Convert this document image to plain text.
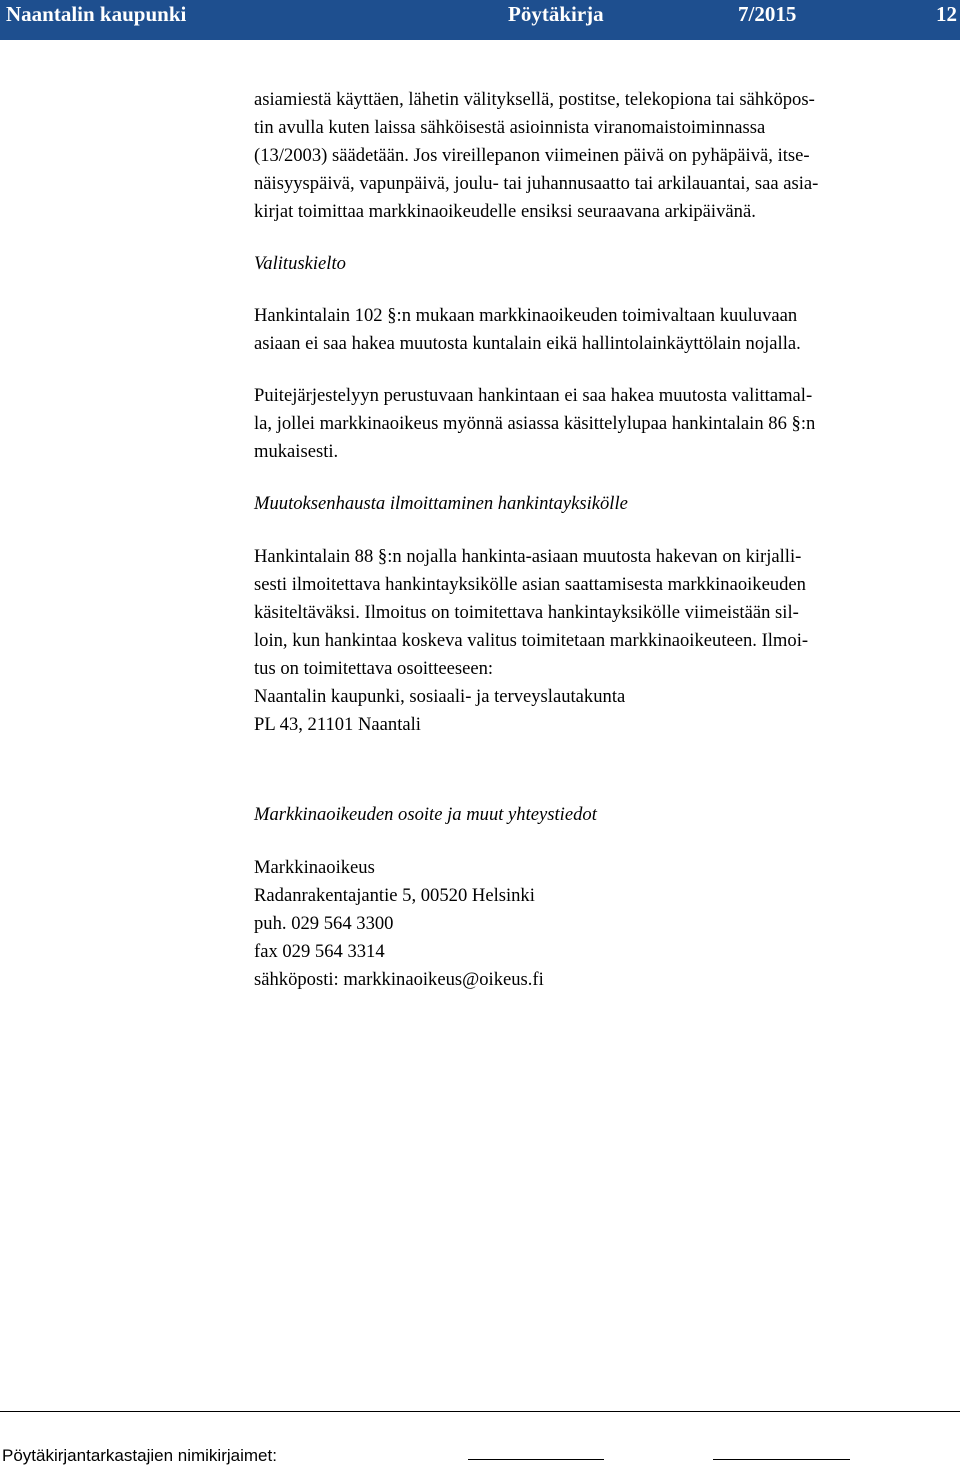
Naantalin kaupunki	Pöytäkirja	7/2015	12

asiamiestä käyttäen, lähetin välityksellä, postitse, telekopiona tai sähköpos-
tin avulla kuten laissa sähköisestä asioinnista viranomaistoiminnassa
(13/2003) säädetään. Jos vireillepanon viimeinen päivä on pyhäpäivä, itse-
näisyyspäivä, vapunpäivä, joulu- tai juhannusaatto tai arkilauantai, saa asia-
kirjat toimittaa markkinaoikeudelle ensiksi seuraavana arkipäivänä.

Valituskielto

Hankintalain 102 §:n mukaan markkinaoikeuden toimivaltaan kuuluvaan
asiaan ei saa hakea muutosta kuntalain eikä hallintolainkäyttölain nojalla.

Puitejärjestelyyn perustuvaan hankintaan ei saa hakea muutosta valittamal-
la, jollei markkinaoikeus myönnä asiassa käsittelylupaa hankintalain 86 §:n
mukaisesti.

Muutoksenhausta ilmoittaminen hankintayksikölle

Hankintalain 88 §:n nojalla hankinta-asiaan muutosta hakevan on kirjalli-
sesti ilmoitettava hankintayksikölle asian saattamisesta markkinaoikeuden
käsiteltäväksi. Ilmoitus on toimitettava hankintayksikölle viimeistään sil-
loin, kun hankintaa koskeva valitus toimitetaan markkinaoikeuteen. Ilmoi-
tus on toimitettava osoitteeseen:
Naantalin kaupunki, sosiaali- ja terveyslautakunta
PL 43, 21101 Naantali

Markkinaoikeuden osoite ja muut yhteystiedot

Markkinaoikeus

Radanrakentajantie 5, 00520 Helsinki

puh. 029 564 3300

fax 029 564 3314

sähköposti: markkinaoikeus@oikeus.fi

Pöytäkirjantarkastajien nimikirjaimet:
